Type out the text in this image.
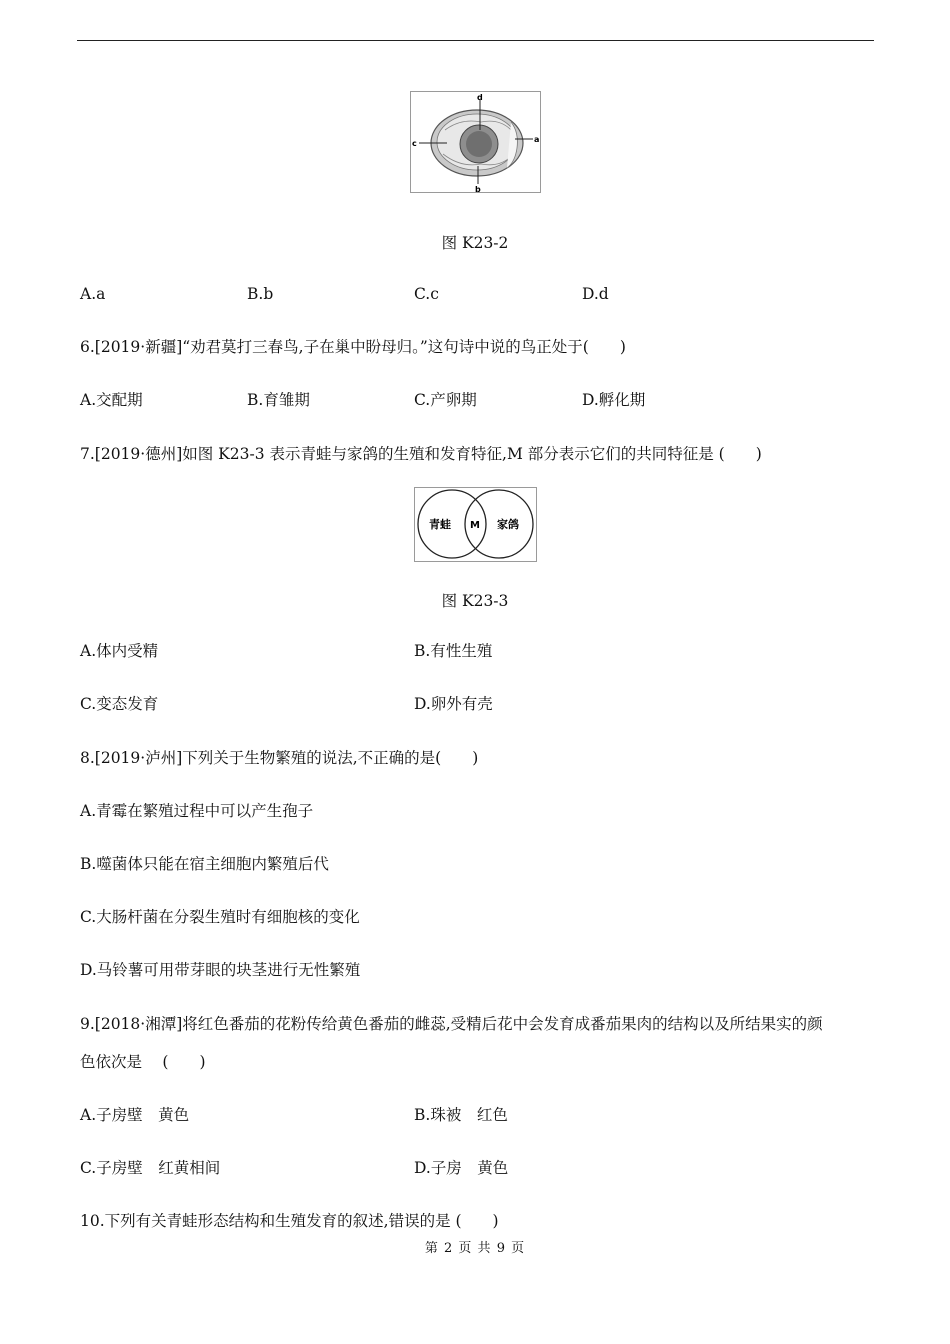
d
b
c	a
图 K23-2
A.a	B.b	C.c	D.d
6.[2019·新疆]“劝君莫打三春鸟,子在巢中盼母归。”这句诗中说的鸟正处于(　　)
A.交配期	B.育雏期	C.产卵期	D.孵化期
7.[2019·德州]如图 K23-3 表示青蛙与家鸽的生殖和发育特征,M 部分表示它们的共同特征是 (　　)
青蛙 M 家鸽
图 K23-3
A.体内受精	B.有性生殖
C.变态发育	D.卵外有壳
8.[2019·泸州]下列关于生物繁殖的说法,不正确的是(　　)
A.青霉在繁殖过程中可以产生孢子
B.噬菌体只能在宿主细胞内繁殖后代
C.大肠杆菌在分裂生殖时有细胞核的变化
D.马铃薯可用带芽眼的块茎进行无性繁殖
9.[2018·湘潭]将红色番茄的花粉传给黄色番茄的雌蕊,受精后花中会发育成番茄果肉的结构以及所结果实的颜
色依次是　 (　　)
A.子房壁　黄色	B.珠被　红色
C.子房壁　红黄相间	D.子房　黄色
10.下列有关青蛙形态结构和生殖发育的叙述,错误的是 (　　)
第 2 页 共 9 页
